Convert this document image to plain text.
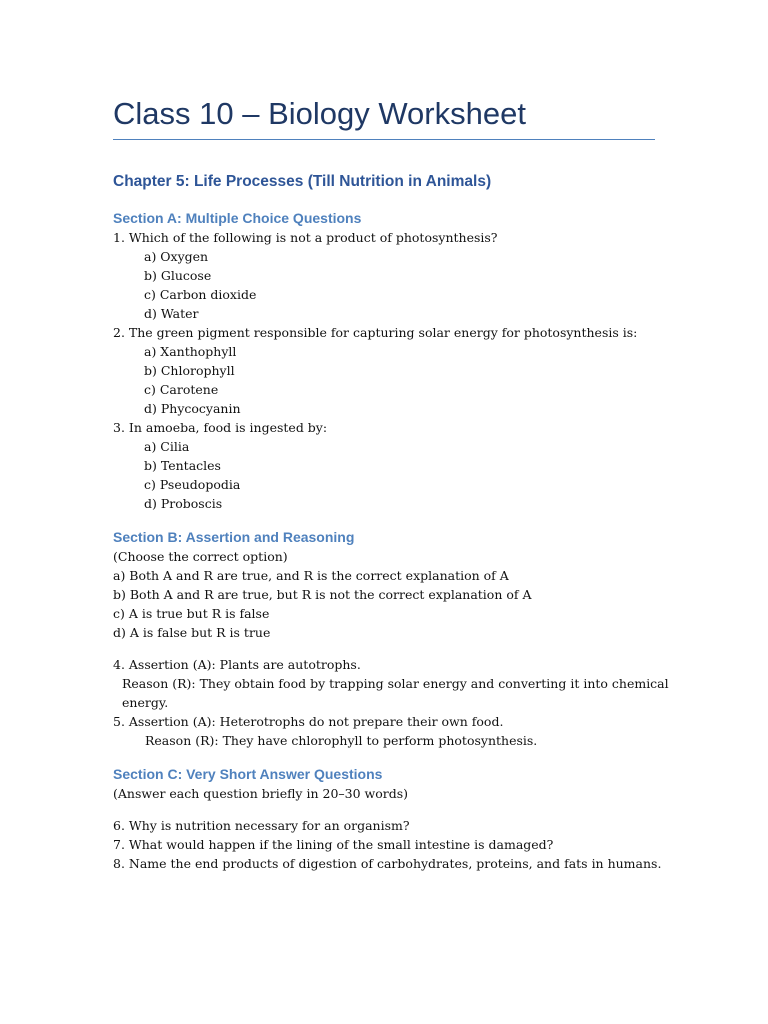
Class 10 – Biology Worksheet
Chapter 5: Life Processes (Till Nutrition in Animals)
Section A: Multiple Choice Questions

1. Which of the following is not a product of photosynthesis?

a) Oxygen

b) Glucose

c) Carbon dioxide

d) Water

2. The green pigment responsible for capturing solar energy for photosynthesis is:

a) Xanthophyll

b) Chlorophyll

c) Carotene

d) Phycocyanin

3. In amoeba, food is ingested by:

a) Cilia

b) Tentacles

c) Pseudopodia

d) Proboscis

Section B: Assertion and Reasoning

(Choose the correct option)

a) Both A and R are true, and R is the correct explanation of A

b) Both A and R are true, but R is not the correct explanation of A

c) A is true but R is false

d) A is false but R is true

4. Assertion (A): Plants are autotrophs.

Reason (R): They obtain food by trapping solar energy and converting it into chemical energy.

5. Assertion (A): Heterotrophs do not prepare their own food.

Reason (R): They have chlorophyll to perform photosynthesis.

Section C: Very Short Answer Questions

(Answer each question briefly in 20–30 words)

6. Why is nutrition necessary for an organism?

7. What would happen if the lining of the small intestine is damaged?

8. Name the end products of digestion of carbohydrates, proteins, and fats in humans.
